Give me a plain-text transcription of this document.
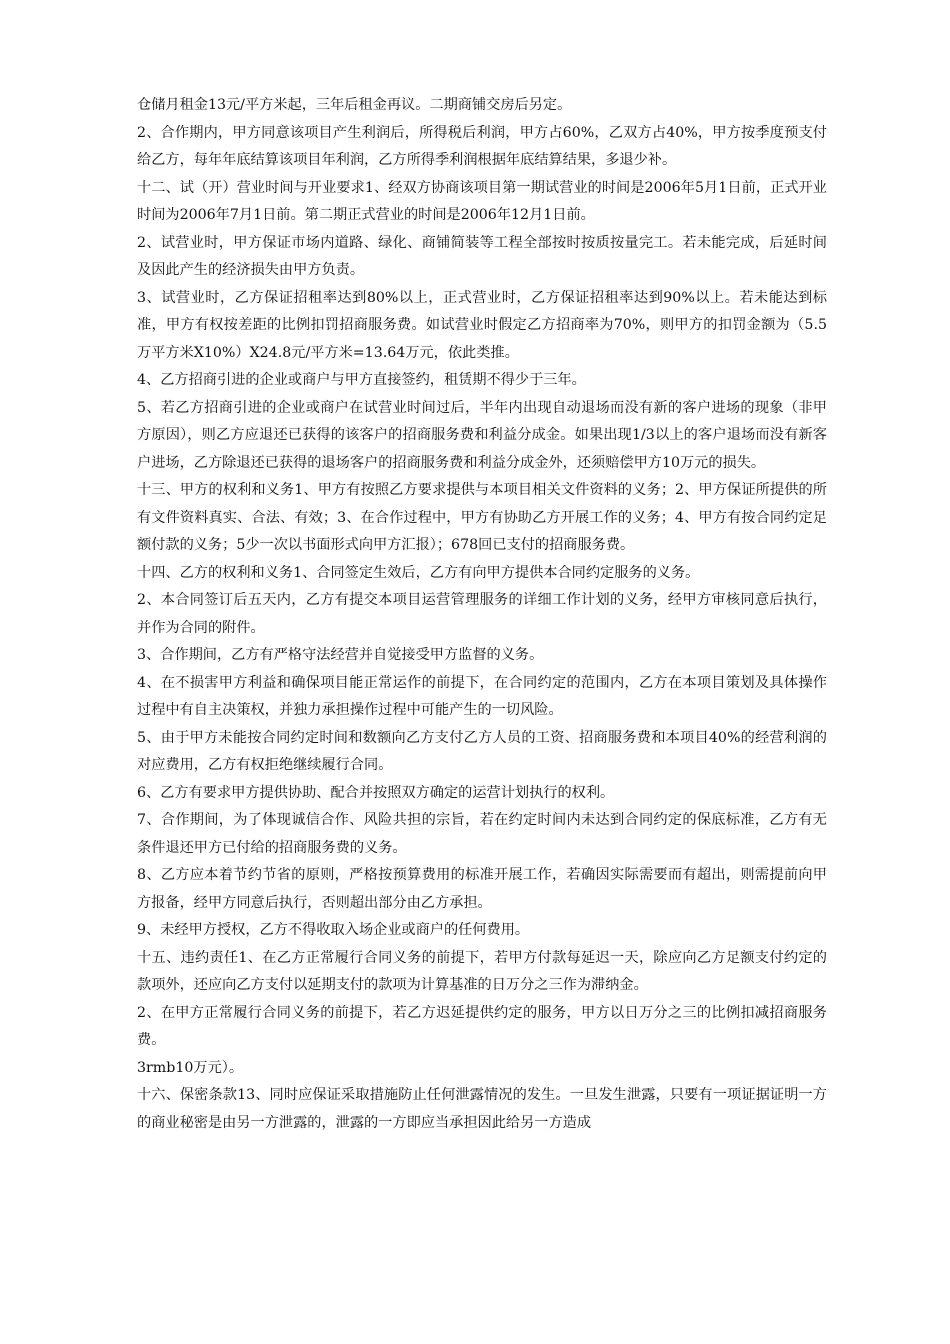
仓储月租金13元/平方米起，三年后租金再议。二期商铺交房后另定。

2、合作期内，甲方同意该项目产生利润后，所得税后利润，甲方占60%，乙双方占40%，甲方按季度预支付给乙方，每年年底结算该项目年利润，乙方所得季利润根据年底结算结果，多退少补。

十二、试（开）营业时间与开业要求1、经双方协商该项目第一期试营业的时间是2006年5月1日前，正式开业时间为2006年7月1日前。第二期正式营业的时间是2006年12月1日前。

2、试营业时，甲方保证市场内道路、绿化、商铺简装等工程全部按时按质按量完工。若未能完成，后延时间及因此产生的经济损失由甲方负责。

3、试营业时，乙方保证招租率达到80%以上，正式营业时，乙方保证招租率达到90%以上。若未能达到标准，甲方有权按差距的比例扣罚招商服务费。如试营业时假定乙方招商率为70%，则甲方的扣罚金额为（5.5万平方米X10%）X24.8元/平方米=13.64万元，依此类推。

4、乙方招商引进的企业或商户与甲方直接签约，租赁期不得少于三年。

5、若乙方招商引进的企业或商户在试营业时间过后，半年内出现自动退场而没有新的客户进场的现象（非甲方原因），则乙方应退还已获得的该客户的招商服务费和利益分成金。如果出现1/3以上的客户退场而没有新客户进场，乙方除退还已获得的退场客户的招商服务费和利益分成金外，还须赔偿甲方10万元的损失。

十三、甲方的权利和义务1、甲方有按照乙方要求提供与本项目相关文件资料的义务；2、甲方保证所提供的所有文件资料真实、合法、有效；3、在合作过程中，甲方有协助乙方开展工作的义务；4、甲方有按合同约定足额付款的义务；5少一次以书面形式向甲方汇报）；678回已支付的招商服务费。

十四、乙方的权利和义务1、合同签定生效后，乙方有向甲方提供本合同约定服务的义务。

2、本合同签订后五天内，乙方有提交本项目运营管理服务的详细工作计划的义务，经甲方审核同意后执行，并作为合同的附件。

3、合作期间，乙方有严格守法经营并自觉接受甲方监督的义务。

4、在不损害甲方利益和确保项目能正常运作的前提下，在合同约定的范围内，乙方在本项目策划及具体操作过程中有自主决策权，并独力承担操作过程中可能产生的一切风险。

5、由于甲方未能按合同约定时间和数额向乙方支付乙方人员的工资、招商服务费和本项目40%的经营利润的对应费用，乙方有权拒绝继续履行合同。

6、乙方有要求甲方提供协助、配合并按照双方确定的运营计划执行的权利。

7、合作期间，为了体现诚信合作、风险共担的宗旨，若在约定时间内未达到合同约定的保底标准，乙方有无条件退还甲方已付给的招商服务费的义务。

8、乙方应本着节约节省的原则，严格按预算费用的标准开展工作，若确因实际需要而有超出，则需提前向甲方报备，经甲方同意后执行，否则超出部分由乙方承担。

9、未经甲方授权，乙方不得收取入场企业或商户的任何费用。

十五、违约责任1、在乙方正常履行合同义务的前提下，若甲方付款每延迟一天，除应向乙方足额支付约定的款项外，还应向乙方支付以延期支付的款项为计算基准的日万分之三作为滞纳金。

2、在甲方正常履行合同义务的前提下，若乙方迟延提供约定的服务，甲方以日万分之三的比例扣减招商服务费。

3rmb10万元）。

十六、保密条款13、同时应保证采取措施防止任何泄露情况的发生。一旦发生泄露，只要有一项证据证明一方的商业秘密是由另一方泄露的，泄露的一方即应当承担因此给另一方造成
